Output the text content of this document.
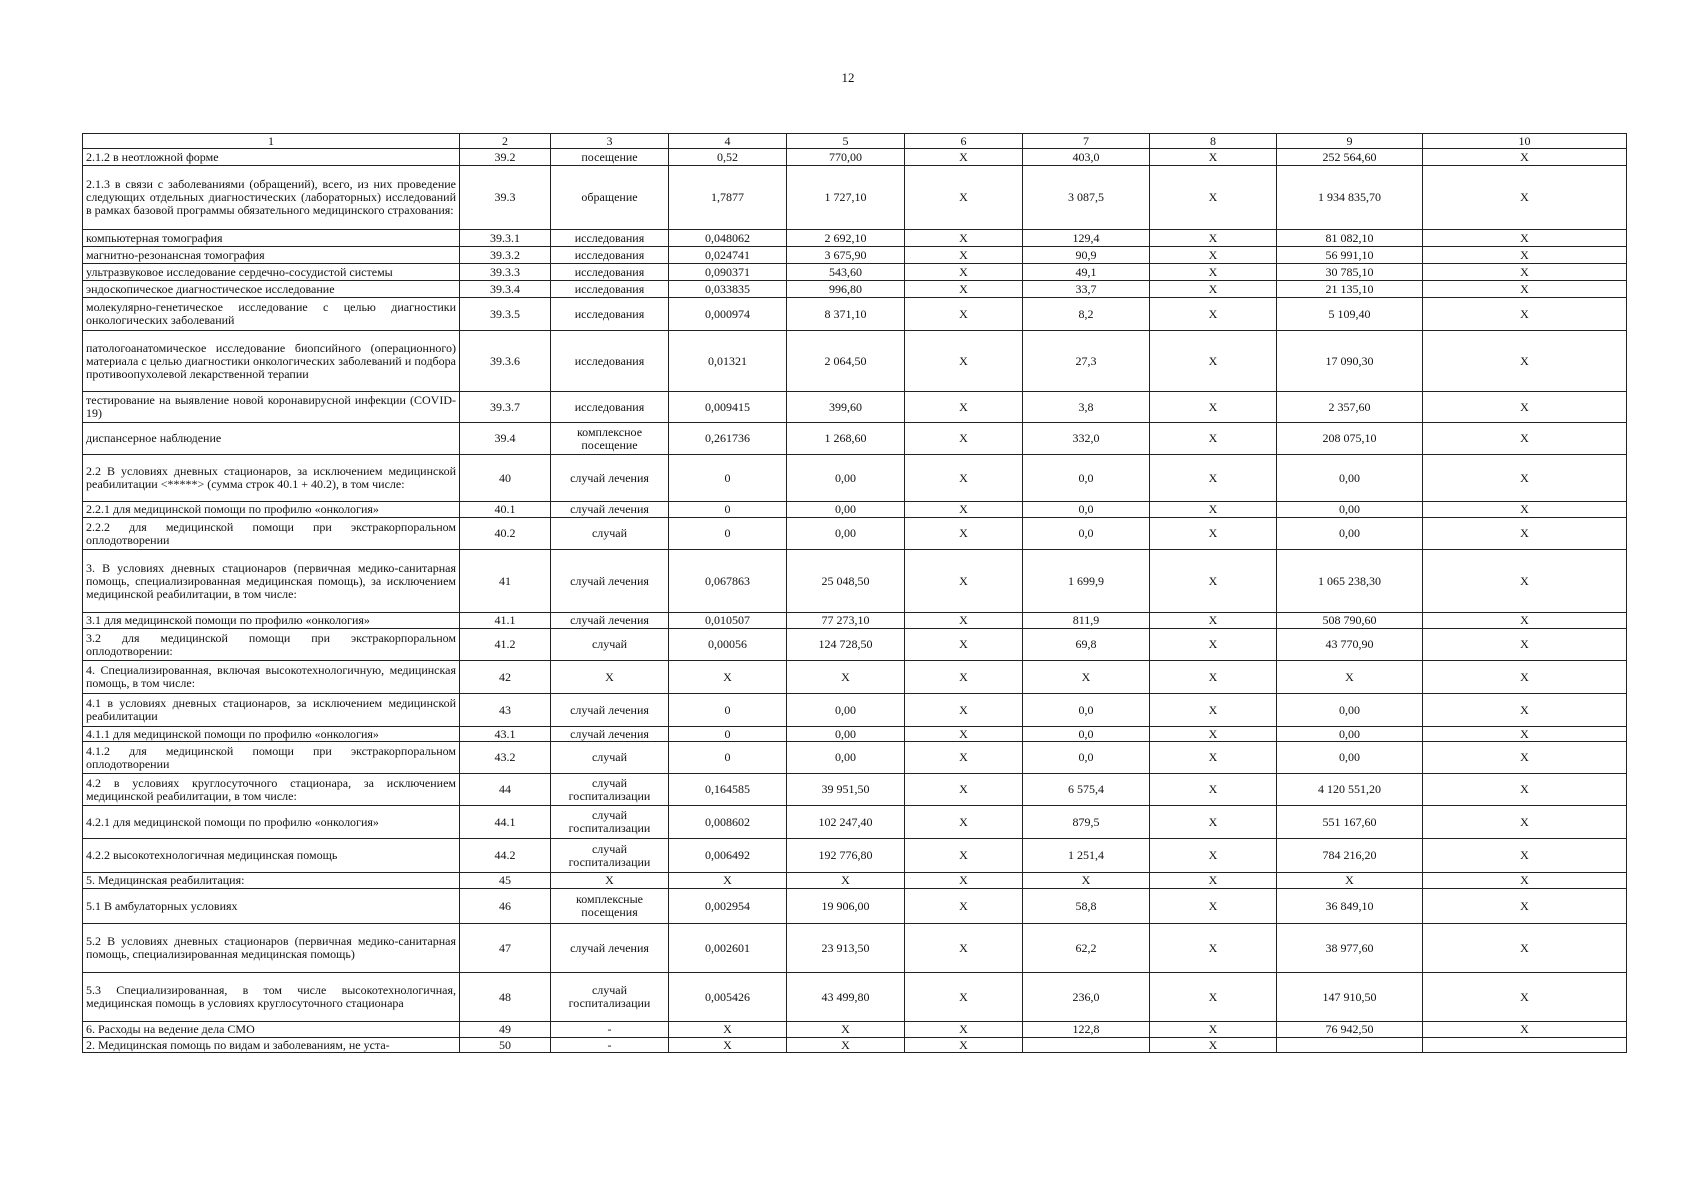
12
1	2	3	4	5	6	7	8	9	10
2.1.2 в неотложной форме	39.2	посещение	0,52	770,00	Х	403,0	Х	252 564,60	Х
2.1.3 в связи с заболеваниями (обращений), всего, из них проведение следующих отдельных диагностических (лабораторных) исследований в рамках базовой программы обязательного медицинского страхования:	39.3	обращение	1,7877	1 727,10	Х	3 087,5	Х	1 934 835,70	Х
компьютерная томография	39.3.1	исследования	0,048062	2 692,10	Х	129,4	Х	81 082,10	Х
магнитно-резонансная томография	39.3.2	исследования	0,024741	3 675,90	Х	90,9	Х	56 991,10	Х
ультразвуковое исследование сердечно-сосудистой системы	39.3.3	исследования	0,090371	543,60	Х	49,1	Х	30 785,10	Х
эндоскопическое диагностическое исследование	39.3.4	исследования	0,033835	996,80	Х	33,7	Х	21 135,10	Х
молекулярно-генетическое исследование с целью диагностики онкологических заболеваний	39.3.5	исследования	0,000974	8 371,10	Х	8,2	Х	5 109,40	Х
патологоанатомическое исследование биопсийного (операционного) материала с целью диагностики онкологических заболеваний и подбора противоопухолевой лекарственной терапии	39.3.6	исследования	0,01321	2 064,50	Х	27,3	Х	17 090,30	Х
тестирование на выявление новой коронавирусной инфекции (COVID-19)	39.3.7	исследования	0,009415	399,60	Х	3,8	Х	2 357,60	Х
диспансерное наблюдение	39.4	комплексное посещение	0,261736	1 268,60	Х	332,0	Х	208 075,10	Х
2.2 В условиях дневных стационаров, за исключением медицинской реабилитации <*****> (сумма строк 40.1 + 40.2), в том числе:	40	случай лечения	0	0,00	Х	0,0	Х	0,00	Х
2.2.1 для медицинской помощи по профилю «онкология»	40.1	случай лечения	0	0,00	Х	0,0	Х	0,00	Х
2.2.2 для медицинской помощи при экстракорпоральном оплодотворении	40.2	случай	0	0,00	Х	0,0	Х	0,00	Х
3. В условиях дневных стационаров (первичная медико-санитарная помощь, специализированная медицинская помощь), за исключением медицинской реабилитации, в том числе:	41	случай лечения	0,067863	25 048,50	Х	1 699,9	Х	1 065 238,30	Х
3.1 для медицинской помощи по профилю «онкология»	41.1	случай лечения	0,010507	77 273,10	Х	811,9	Х	508 790,60	Х
3.2 для медицинской помощи при экстракорпоральном оплодотворении:	41.2	случай	0,00056	124 728,50	Х	69,8	Х	43 770,90	Х
4. Специализированная, включая высокотехнологичную, медицинская помощь, в том числе:	42	Х	Х	Х	Х	Х	Х	Х	Х
4.1 в условиях дневных стационаров, за исключением медицинской реабилитации	43	случай лечения	0	0,00	Х	0,0	Х	0,00	Х
4.1.1 для медицинской помощи по профилю «онкология»	43.1	случай лечения	0	0,00	Х	0,0	Х	0,00	Х
4.1.2 для медицинской помощи при экстракорпоральном оплодотворении	43.2	случай	0	0,00	Х	0,0	Х	0,00	Х
4.2 в условиях круглосуточного стационара, за исключением медицинской реабилитации, в том числе:	44	случай госпитализации	0,164585	39 951,50	Х	6 575,4	Х	4 120 551,20	Х
4.2.1 для медицинской помощи по профилю «онкология»	44.1	случай госпитализации	0,008602	102 247,40	Х	879,5	Х	551 167,60	Х
4.2.2 высокотехнологичная медицинская помощь	44.2	случай госпитализации	0,006492	192 776,80	Х	1 251,4	Х	784 216,20	Х
5. Медицинская реабилитация:	45	Х	Х	Х	Х	Х	Х	Х	Х
5.1 В амбулаторных условиях	46	комплексные посещения	0,002954	19 906,00	Х	58,8	Х	36 849,10	Х
5.2 В условиях дневных стационаров (первичная медико-санитарная помощь, специализированная медицинская помощь)	47	случай лечения	0,002601	23 913,50	Х	62,2	Х	38 977,60	Х
5.3 Специализированная, в том числе высокотехнологичная, медицинская помощь в условиях круглосуточного стационара	48	случай госпитализации	0,005426	43 499,80	Х	236,0	Х	147 910,50	Х
6. Расходы на ведение дела СМО	49	-	Х	Х	Х	122,8	Х	76 942,50	Х
2. Медицинская помощь по видам и заболеваниям, не уста-	50	-	Х	Х	Х		Х		
